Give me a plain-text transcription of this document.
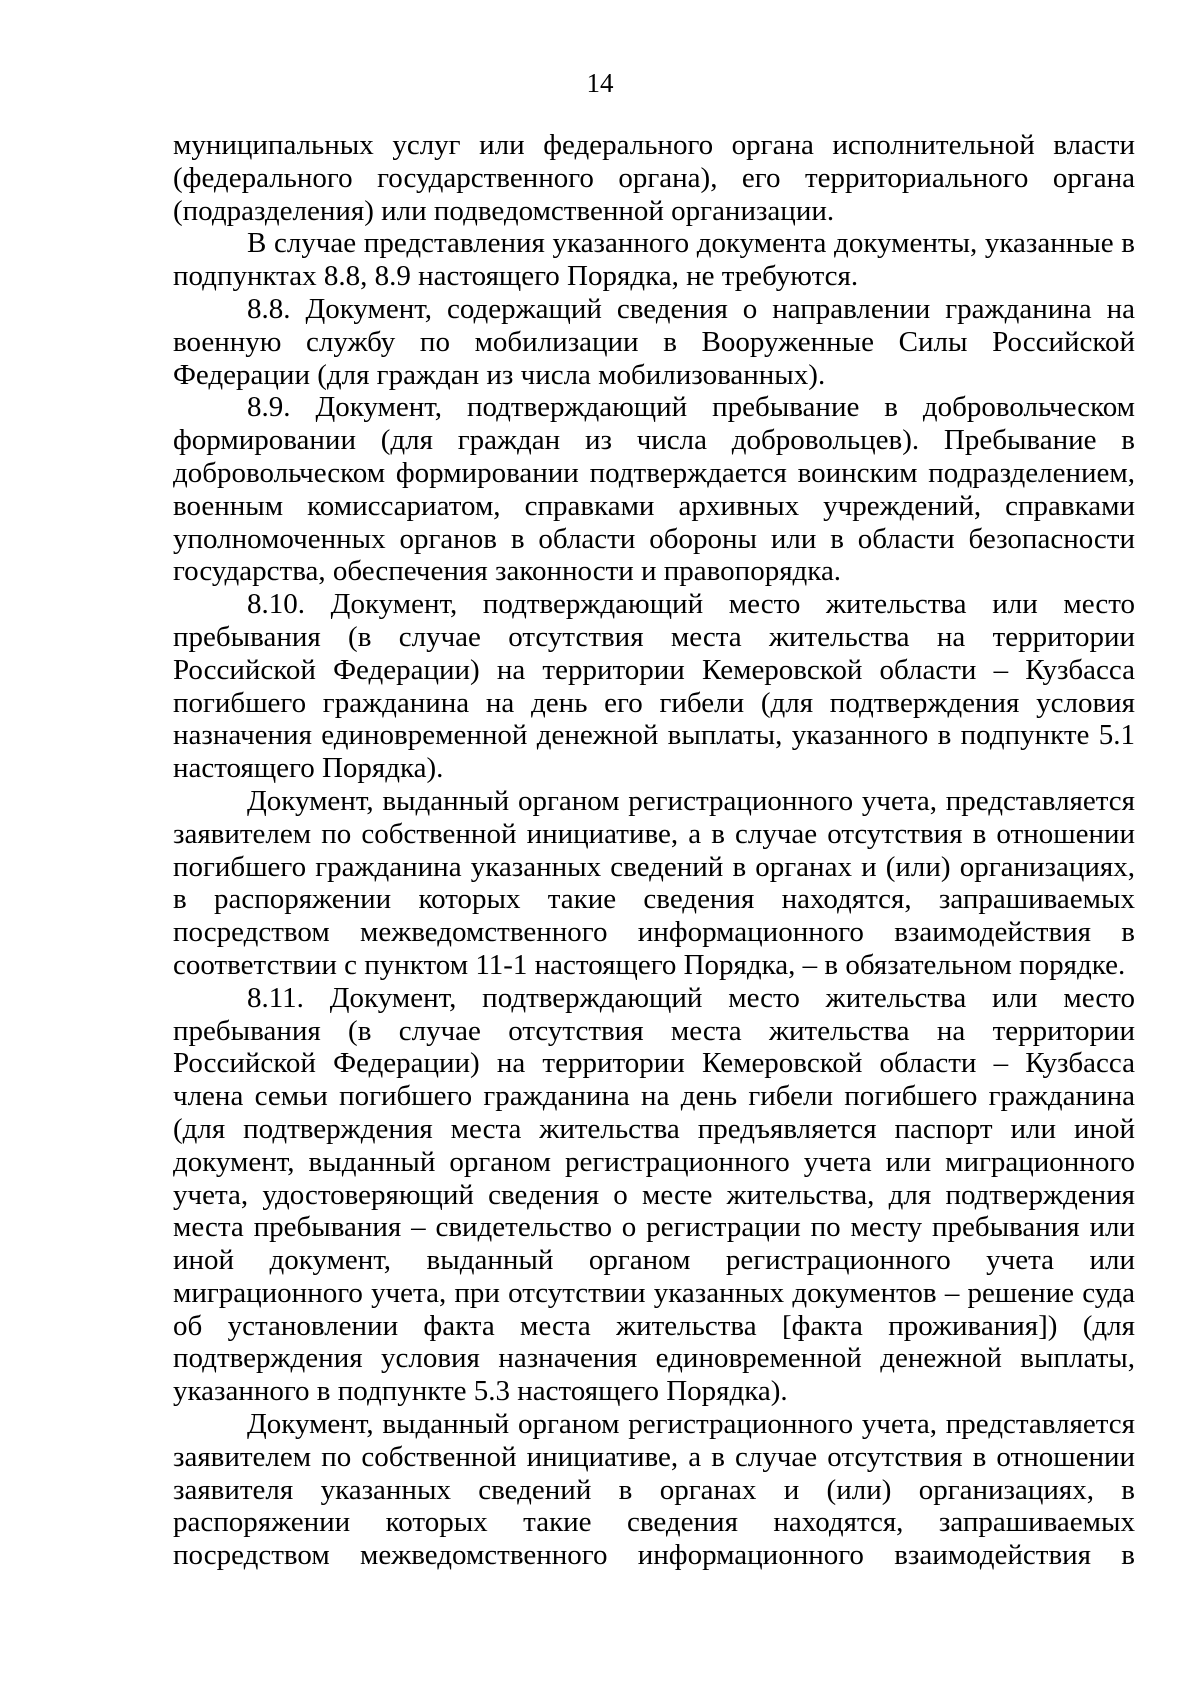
14

муниципальных услуг или федерального органа исполнительной власти (федерального государственного органа), его территориального органа (подразделения) или подведомственной организации.

В случае представления указанного документа документы, указанные в подпунктах 8.8, 8.9 настоящего Порядка, не требуются.

8.8. Документ, содержащий сведения о направлении гражданина на военную службу по мобилизации в Вооруженные Силы Российской Федерации (для граждан из числа мобилизованных).

8.9. Документ, подтверждающий пребывание в добровольческом формировании (для граждан из числа добровольцев). Пребывание в добровольческом формировании подтверждается воинским подразделением, военным комиссариатом, справками архивных учреждений, справками уполномоченных органов в области обороны или в области безопасности государства, обеспечения законности и правопорядка.

8.10. Документ, подтверждающий место жительства или место пребывания (в случае отсутствия места жительства на территории Российской Федерации) на территории Кемеровской области – Кузбасса погибшего гражданина на день его гибели (для подтверждения условия назначения единовременной денежной выплаты, указанного в подпункте 5.1 настоящего Порядка).

Документ, выданный органом регистрационного учета, представляется заявителем по собственной инициативе, а в случае отсутствия в отношении погибшего гражданина указанных сведений в органах и (или) организациях, в распоряжении которых такие сведения находятся, запрашиваемых посредством межведомственного информационного взаимодействия в соответствии с пунктом 11-1 настоящего Порядка, – в обязательном порядке.

8.11. Документ, подтверждающий место жительства или место пребывания (в случае отсутствия места жительства на территории Российской Федерации) на территории Кемеровской области – Кузбасса члена семьи погибшего гражданина на день гибели погибшего гражданина (для подтверждения места жительства предъявляется паспорт или иной документ, выданный органом регистрационного учета или миграционного учета, удостоверяющий сведения о месте жительства, для подтверждения места пребывания – свидетельство о регистрации по месту пребывания или иной документ, выданный органом регистрационного учета или миграционного учета, при отсутствии указанных документов – решение суда об установлении факта места жительства [факта проживания]) (для подтверждения условия назначения единовременной денежной выплаты, указанного в подпункте 5.3 настоящего Порядка).

Документ, выданный органом регистрационного учета, представляется заявителем по собственной инициативе, а в случае отсутствия в отношении заявителя указанных сведений в органах и (или) организациях, в распоряжении которых такие сведения находятся, запрашиваемых посредством межведомственного информационного взаимодействия в
